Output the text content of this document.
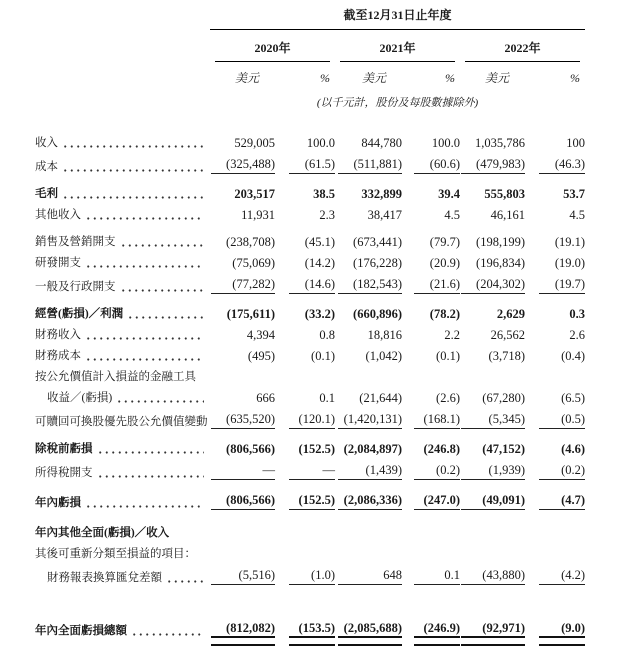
	截至12月31日止年度					

	2020年		2021年		2022年	

	美元	%	美元	%	美元	%
	(以千元計，股份及每股數據除外)					

收入	529,005	100.0	844,780	100.0	1,035,786	100

成本	(325,488)	(61.5)	(511,881)	(60.6)	(479,983)	(46.3)

毛利	203,517	38.5	332,899	39.4	555,803	53.7

其他收入	11,931	2.3	38,417	4.5	46,161	4.5

銷售及營銷開支	(238,708)	(45.1)	(673,441)	(79.7)	(198,199)	(19.1)

研發開支	(75,069)	(14.2)	(176,228)	(20.9)	(196,834)	(19.0)

一般及行政開支	(77,282)	(14.6)	(182,543)	(21.6)	(204,302)	(19.7)

經營(虧損)／利潤	(175,611)	(33.2)	(660,896)	(78.2)	2,629	0.3

財務收入	4,394	0.8	18,816	2.2	26,562	2.6

財務成本	(495)	(0.1)	(1,042)	(0.1)	(3,718)	(0.4)

按公允價值計入損益的金融工具						

收益／(虧損)	666	0.1	(21,644)	(2.6)	(67,280)	(6.5)

可贖回可換股優先股公允價值變動	(635,520)	(120.1)	(1,420,131)	(168.1)	(5,345)	(0.5)

除稅前虧損	(806,566)	(152.5)	(2,084,897)	(246.8)	(47,152)	(4.6)

所得稅開支	—	—	(1,439)	(0.2)	(1,939)	(0.2)

年內虧損	(806,566)	(152.5)	(2,086,336)	(247.0)	(49,091)	(4.7)

年內其他全面(虧損)／收入						

其後可重新分類至損益的項目：						

財務報表換算匯兌差額	(5,516)	(1.0)	648	0.1	(43,880)	(4.2)

年內全面虧損總額	(812,082)	(153.5)	(2,085,688)	(246.9)	(92,971)	(9.0)
